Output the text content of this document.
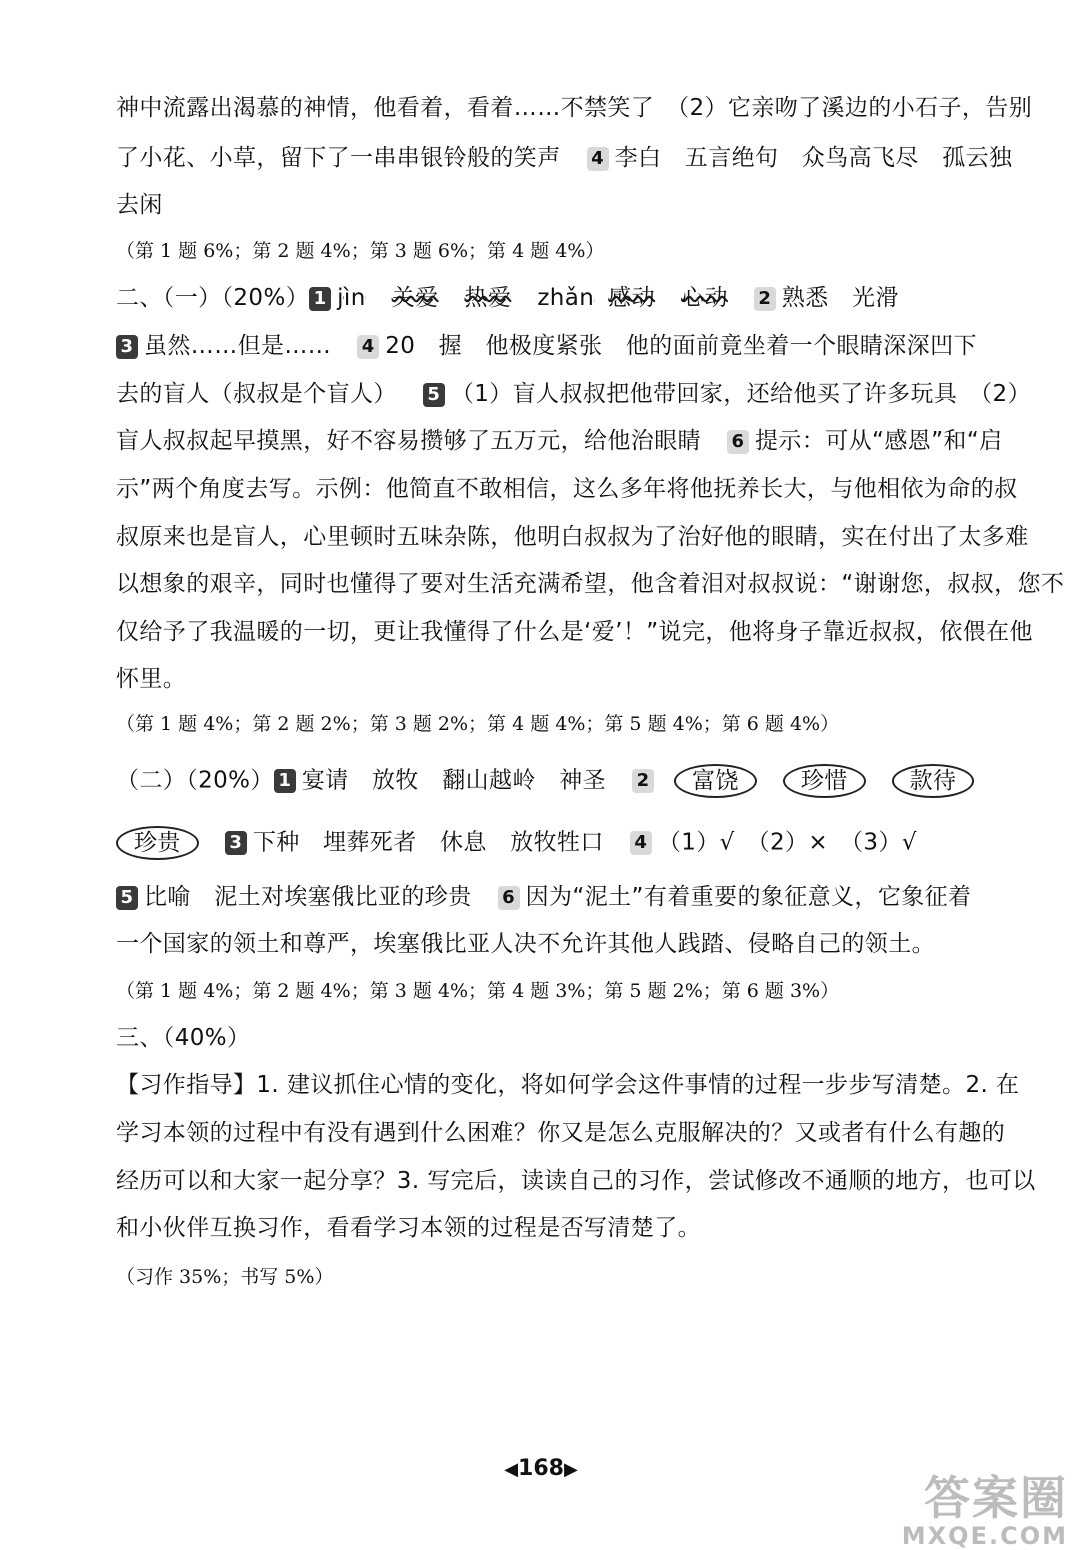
神中流露出渴慕的神情，他看着，看着……不禁笑了　（2）它亲吻了溪边的小石子，告别
了小花、小草，留下了一串串银铃般的笑声 4 李白　五言绝句　众鸟高飞尽　孤云独
去闲
（第 1 题 6%；第 2 题 4%；第 3 题 6%；第 4 题 4%）
二、（一）（20%） 1 jìn 关爱 热爱 zhǎn 感动 心动 2 熟悉　光滑
3 虽然……但是…… 4 20　握　他极度紧张　他的面前竟坐着一个眼睛深深凹下
去的盲人（叔叔是个盲人） 5 （1）盲人叔叔把他带回家，还给他买了许多玩具　（2）
盲人叔叔起早摸黑，好不容易攒够了五万元，给他治眼睛 6 提示：可从“感恩”和“启
示”两个角度去写。示例：他简直不敢相信，这么多年将他抚养长大，与他相依为命的叔
叔原来也是盲人，心里顿时五味杂陈，他明白叔叔为了治好他的眼睛，实在付出了太多难
以想象的艰辛，同时也懂得了要对生活充满希望，他含着泪对叔叔说：“谢谢您，叔叔，您不
仅给予了我温暖的一切，更让我懂得了什么是‘爱’！”说完，他将身子靠近叔叔，依偎在他
怀里。
（第 1 题 4%；第 2 题 2%；第 3 题 2%；第 4 题 4%；第 5 题 4%；第 6 题 4%）
（二）（20%） 1 宴请　放牧　翻山越岭　神圣 2 富饶	珍惜	款待
珍贵	3 下种　埋葬死者　休息　放牧牲口 4 （1）√　（2）×　（3）√
5 比喻　泥土对埃塞俄比亚的珍贵 6 因为“泥土”有着重要的象征意义，它象征着
一个国家的领土和尊严，埃塞俄比亚人决不允许其他人践踏、侵略自己的领土。
（第 1 题 4%；第 2 题 4%；第 3 题 4%；第 4 题 3%；第 5 题 2%；第 6 题 3%）
三、（40%）
【习作指导】1. 建议抓住心情的变化，将如何学会这件事情的过程一步步写清楚。2. 在
学习本领的过程中有没有遇到什么困难？你又是怎么克服解决的？又或者有什么有趣的
经历可以和大家一起分享？3. 写完后，读读自己的习作，尝试修改不通顺的地方，也可以
和小伙伴互换习作，看看学习本领的过程是否写清楚了。
（习作 35%；书写 5%）
◀168▶
答案圈
MXQE.COM
